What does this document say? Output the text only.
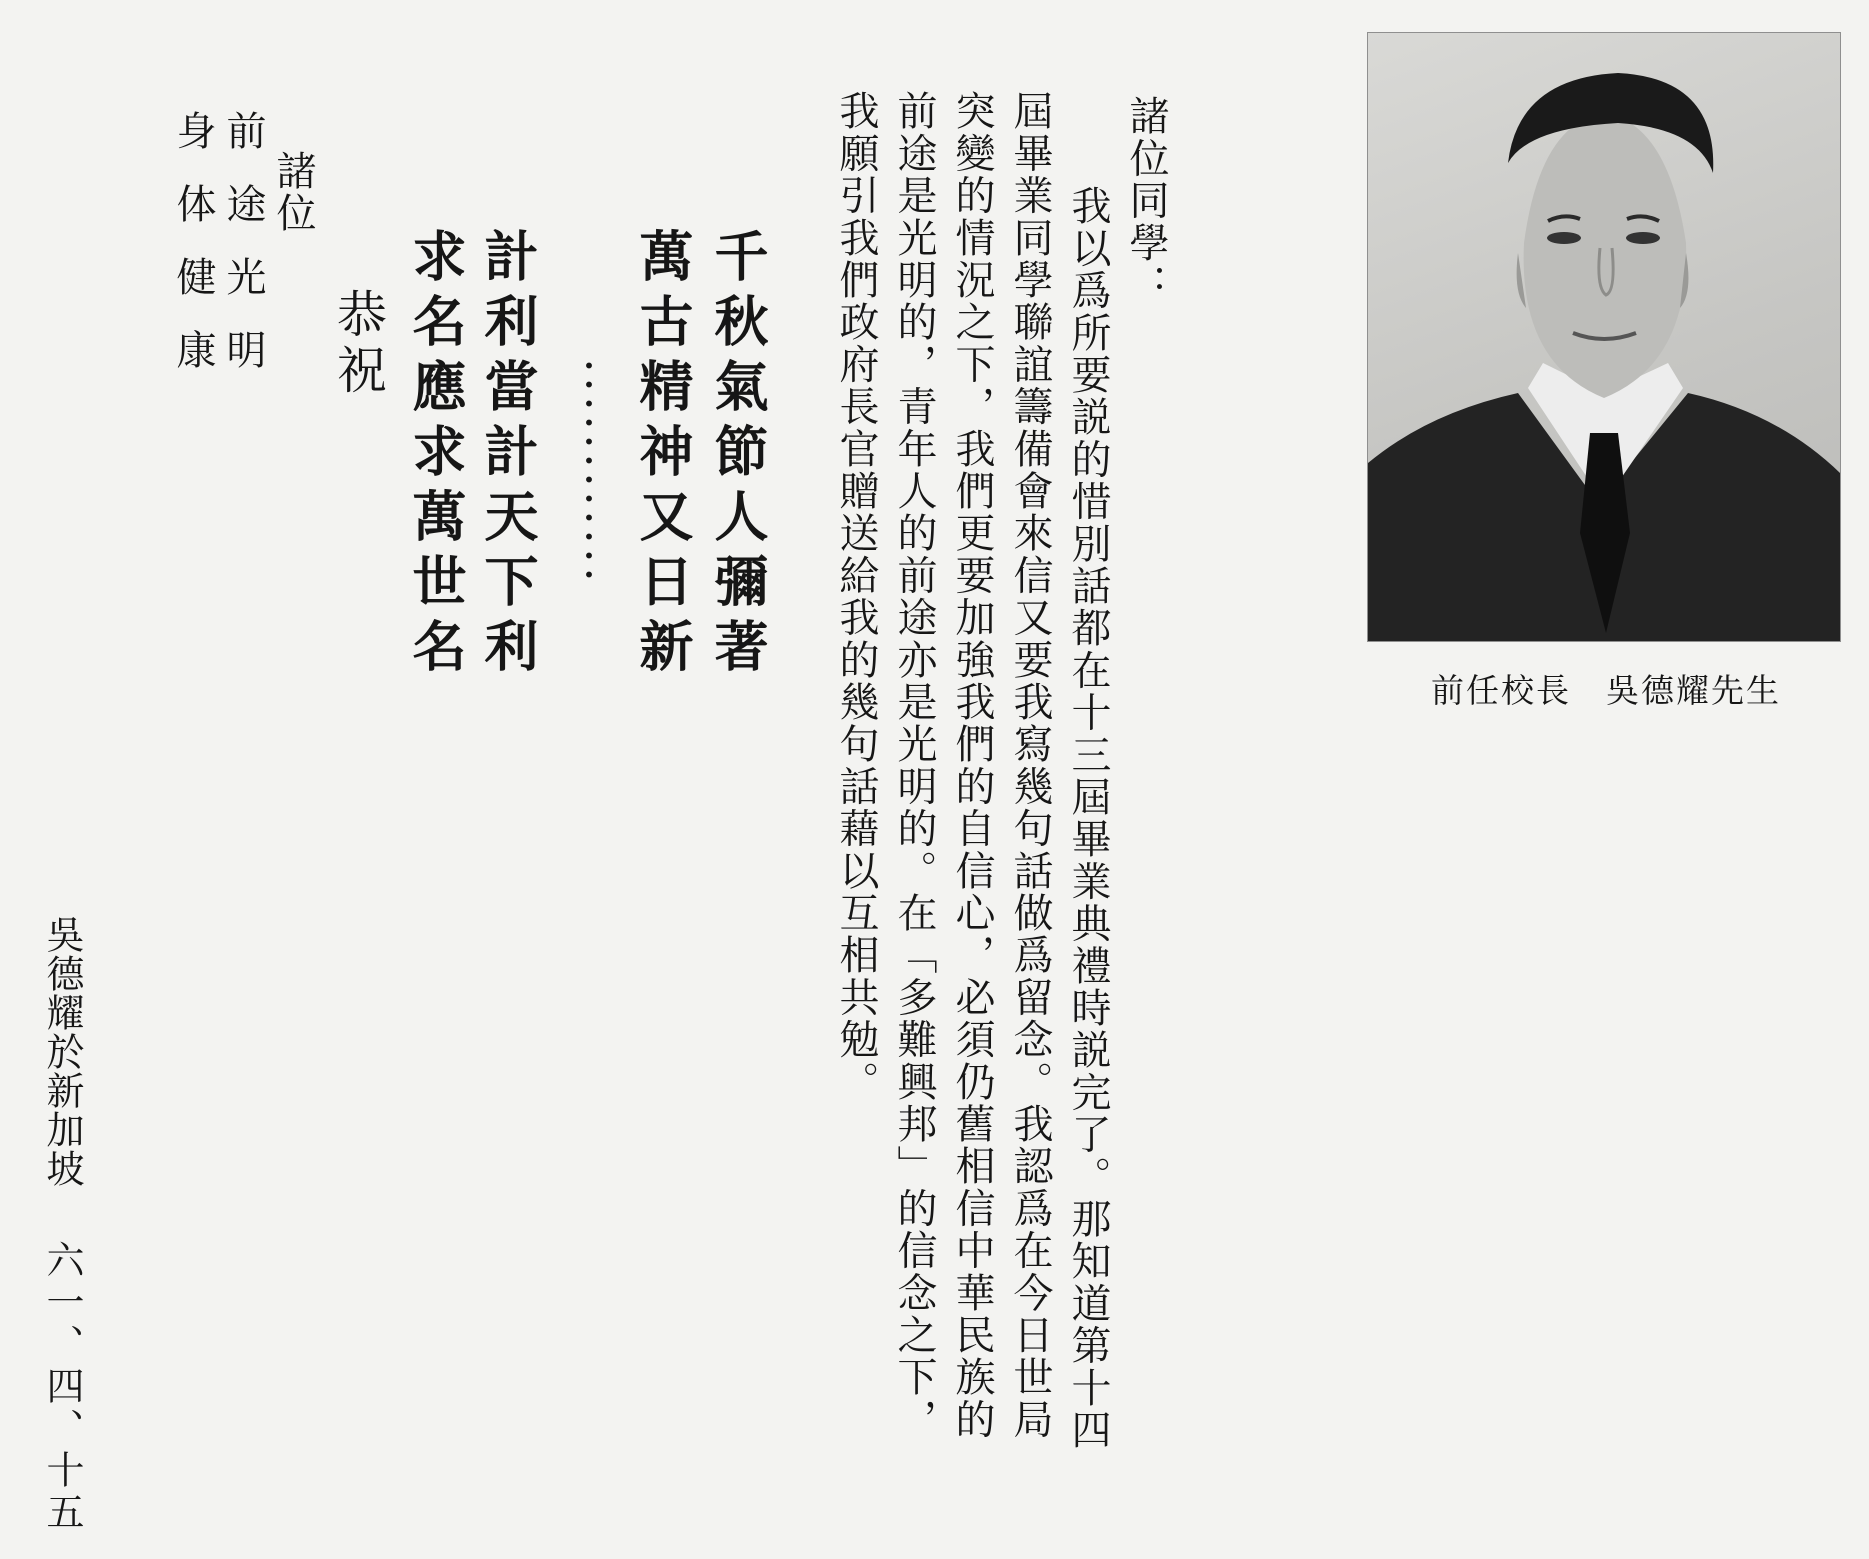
前任校長　吳德耀先生

諸位同學：

我以爲所要説的惜別話都在十三屆畢業典禮時説完了。那知道第十四

屆畢業同學聯誼籌備會來信又要我寫幾句話做爲留念。我認爲在今日世局

突變的情況之下，我們更要加強我們的自信心，必須仍舊相信中華民族的

前途是光明的，青年人的前途亦是光明的。在「多難興邦」的信念之下，

我願引我們政府長官贈送給我的幾句話藉以互相共勉。

千秋氣節人彌著

萬古精神又日新

計利當計天下利

求名應求萬世名

恭祝

諸位

前途光明

身体健康

吳德耀於新加坡

六一、四、十五
